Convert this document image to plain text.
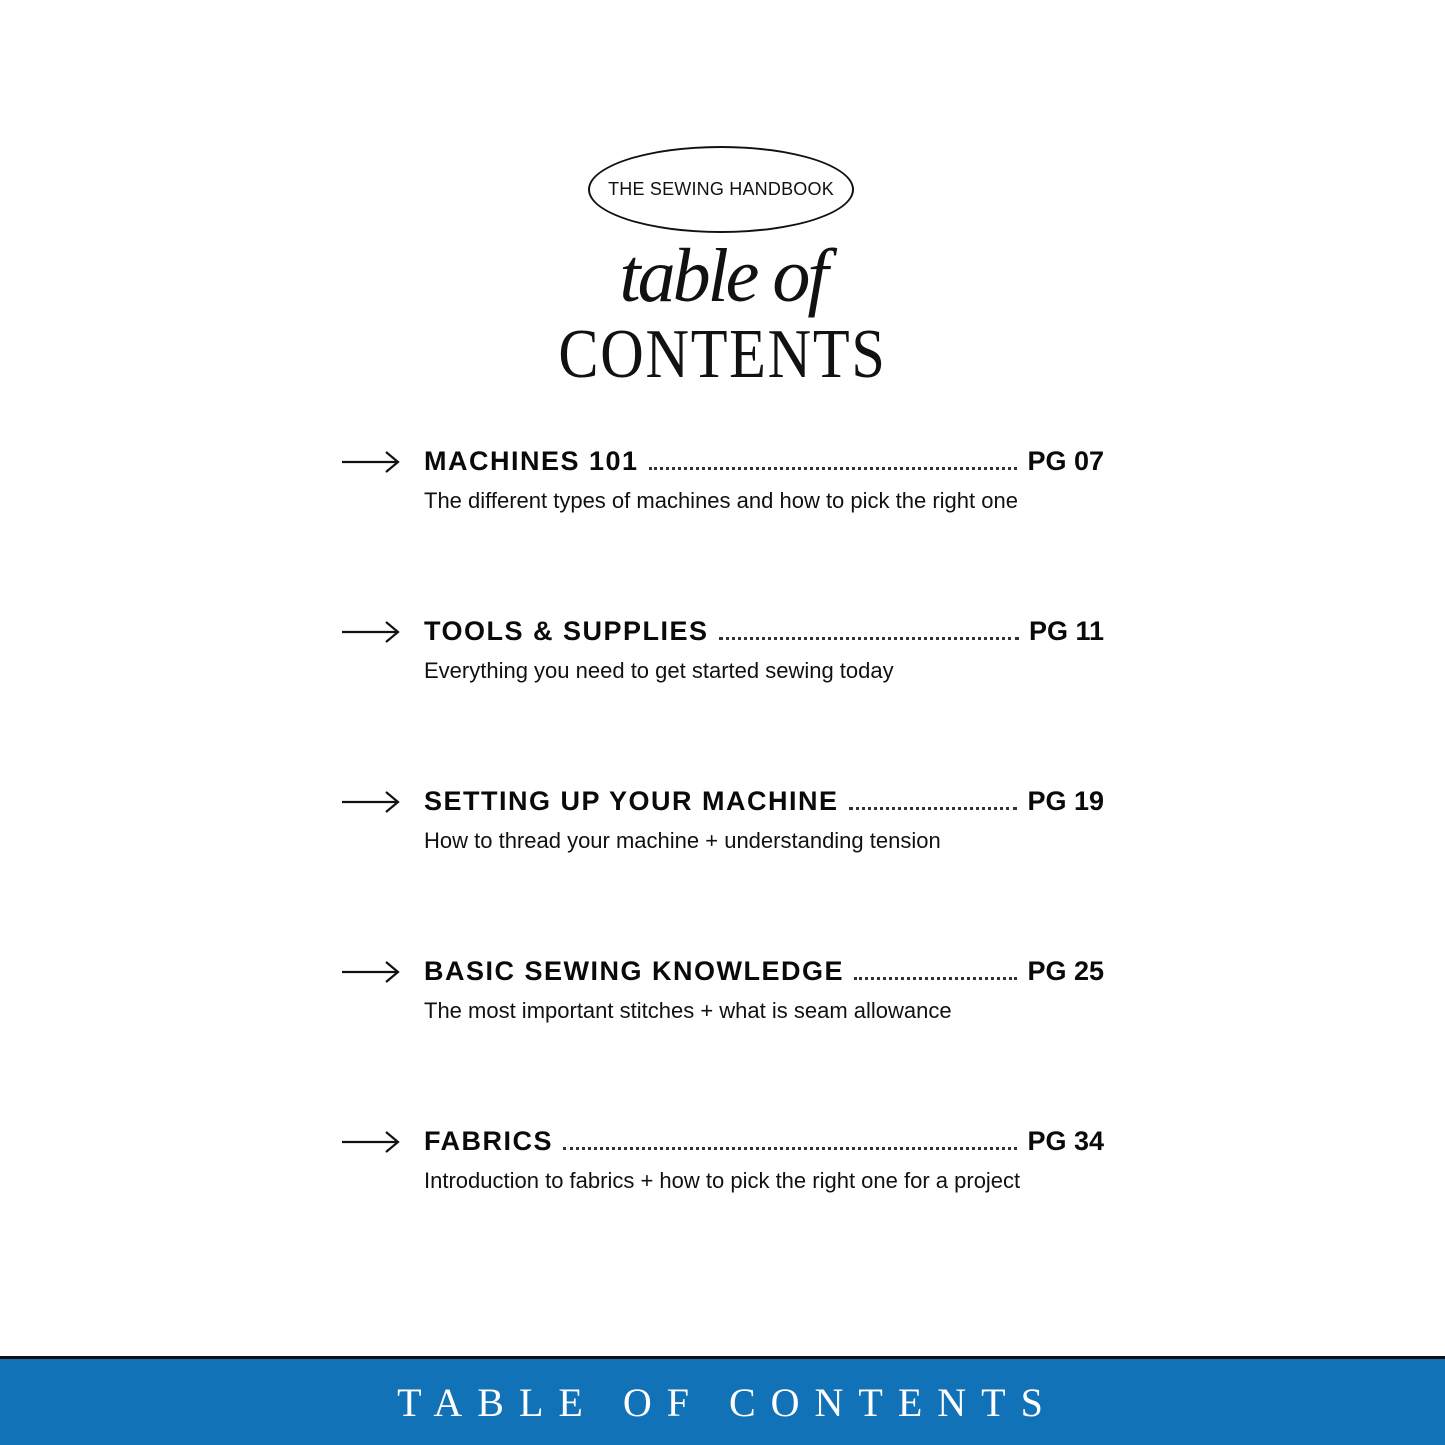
THE SEWING HANDBOOK
table of
CONTENTS
MACHINES 101	PG 07
The different types of machines and how to pick the right one
TOOLS & SUPPLIES	PG 11
Everything you need to get started sewing today
SETTING UP YOUR MACHINE	PG 19
How to thread your machine + understanding tension
BASIC SEWING KNOWLEDGE	PG 25
The most important stitches + what is seam allowance
FABRICS	PG 34
Introduction to fabrics + how to pick the right one for a project
TABLE OF CONTENTS
